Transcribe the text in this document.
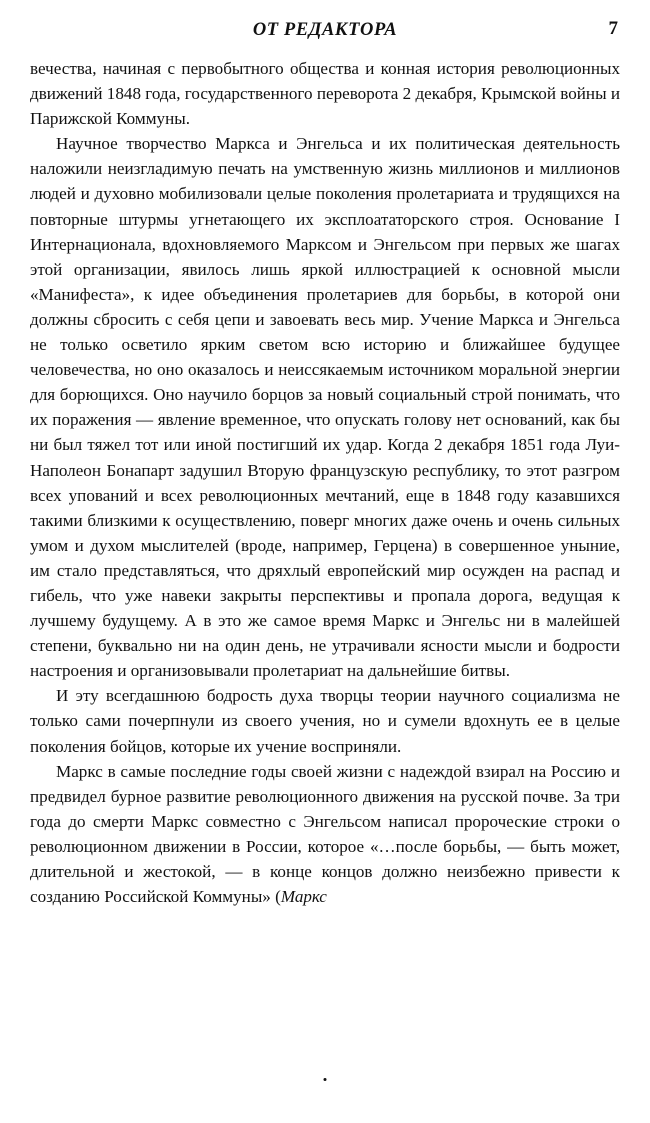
ОТ РЕДАКТОРА	7

вечества, начиная с первобытного общества и конная история революционных движений 1848 года, государственного переворота 2 декабря, Крымской войны и Парижской Коммуны.

Научное творчество Маркса и Энгельса и их политическая деятельность наложили неизгладимую печать на умственную жизнь миллионов и миллионов людей и духовно мобилизовали целые поколения пролетариата и трудящихся на повторные штурмы угнетающего их эксплоататорского строя. Основание I Интернационала, вдохновляемого Марксом и Энгельсом при первых же шагах этой организации, явилось лишь яркой иллюстрацией к основной мысли «Манифеста», к идее объединения пролетариев для борьбы, в которой они должны сбросить с себя цепи и завоевать весь мир. Учение Маркса и Энгельса не только осветило ярким светом всю историю и ближайшее будущее человечества, но оно оказалось и неиссякаемым источником моральной энергии для борющихся. Оно научило борцов за новый социальный строй понимать, что их поражения — явление временное, что опускать голову нет оснований, как бы ни был тяжел тот или иной постигший их удар. Когда 2 декабря 1851 года Луи-Наполеон Бонапарт задушил Вторую французскую республику, то этот разгром всех упований и всех революционных мечтаний, еще в 1848 году казавшихся такими близкими к осуществлению, поверг многих даже очень и очень сильных умом и духом мыслителей (вроде, например, Герцена) в совершенное уныние, им стало представляться, что дряхлый европейский мир осужден на распад и гибель, что уже навеки закрыты перспективы и пропала дорога, ведущая к лучшему будущему. А в это же самое время Маркс и Энгельс ни в малейшей степени, буквально ни на один день, не утрачивали ясности мысли и бодрости настроения и организовывали пролетариат на дальнейшие битвы.

И эту всегдашнюю бодрость духа творцы теории научного социализма не только сами почерпнули из своего учения, но и сумели вдохнуть ее в целые поколения бойцов, которые их учение восприняли.

Маркс в самые последние годы своей жизни с надеждой взирал на Россию и предвидел бурное развитие революционного движения на русской почве. За три года до смерти Маркс совместно с Энгельсом написал пророческие строки о революционном движении в России, которое «…после борьбы, — быть может, длительной и жестокой, — в конце концов должно неизбежно привести к созданию Российской Коммуны» (Маркс
